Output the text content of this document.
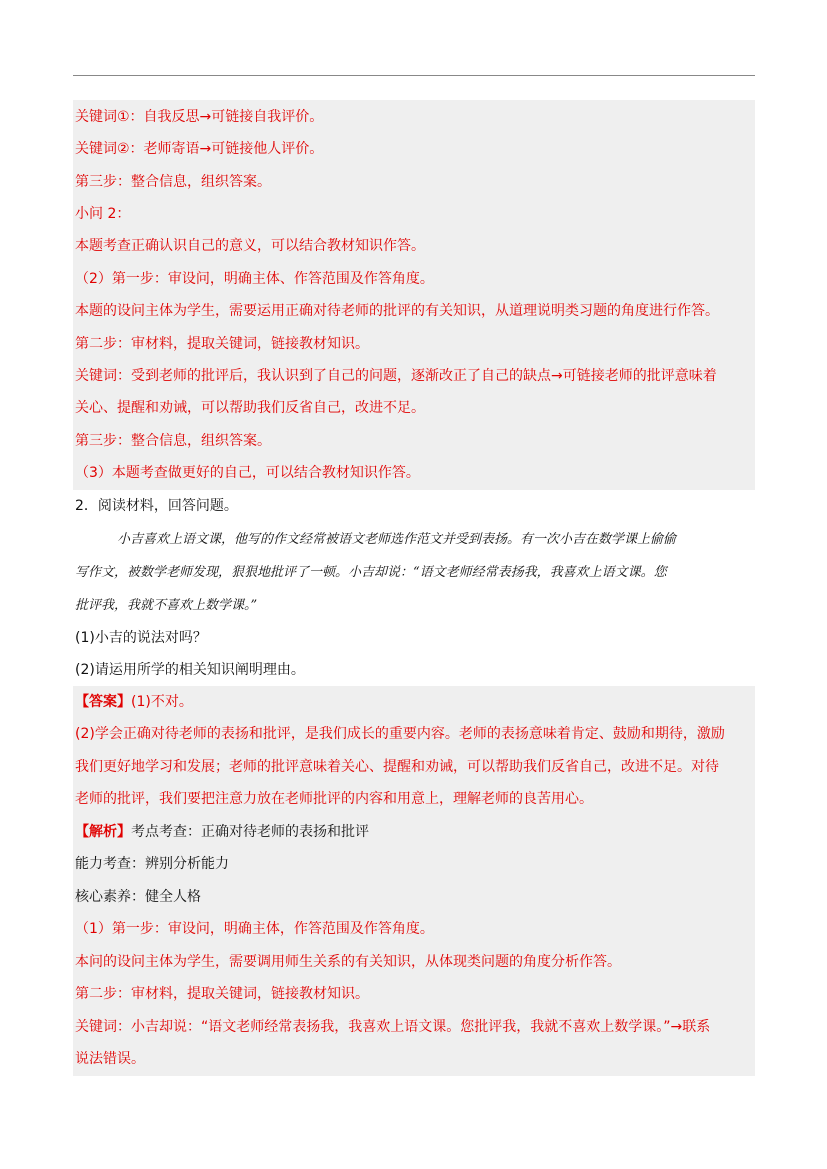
关键词①：自我反思→可链接自我评价。
关键词②：老师寄语→可链接他人评价。
第三步：整合信息，组织答案。
小问 2：
本题考查正确认识自己的意义，可以结合教材知识作答。
（2）第一步：审设问，明确主体、作答范围及作答角度。
本题的设问主体为学生，需要运用正确对待老师的批评的有关知识，从道理说明类习题的角度进行作答。
第二步：审材料，提取关键词，链接教材知识。
关键词：受到老师的批评后，我认识到了自己的问题，逐渐改正了自己的缺点→可链接老师的批评意味着
关心、提醒和劝诫，可以帮助我们反省自己，改进不足。
第三步：整合信息，组织答案。
（3）本题考查做更好的自己，可以结合教材知识作答。
2．阅读材料，回答问题。
小吉喜欢上语文课，他写的作文经常被语文老师选作范文并受到表扬。有一次小吉在数学课上偷偷
写作文，被数学老师发现，狠狠地批评了一顿。小吉却说：“语文老师经常表扬我，我喜欢上语文课。您
批评我，我就不喜欢上数学课。”
(1)小吉的说法对吗？
(2)请运用所学的相关知识阐明理由。
【答案】(1)不对。
(2)学会正确对待老师的表扬和批评，是我们成长的重要内容。老师的表扬意味着肯定、鼓励和期待，激励
我们更好地学习和发展；老师的批评意味着关心、提醒和劝诫，可以帮助我们反省自己，改进不足。对待
老师的批评，我们要把注意力放在老师批评的内容和用意上，理解老师的良苦用心。
【解析】考点考查：正确对待老师的表扬和批评
能力考查：辨别分析能力
核心素养：健全人格
（1）第一步：审设问，明确主体，作答范围及作答角度。
本问的设问主体为学生，需要调用师生关系的有关知识，从体现类问题的角度分析作答。
第二步：审材料，提取关键词，链接教材知识。
关键词：小吉却说：“语文老师经常表扬我，我喜欢上语文课。您批评我，我就不喜欢上数学课。”→联系
说法错误。
